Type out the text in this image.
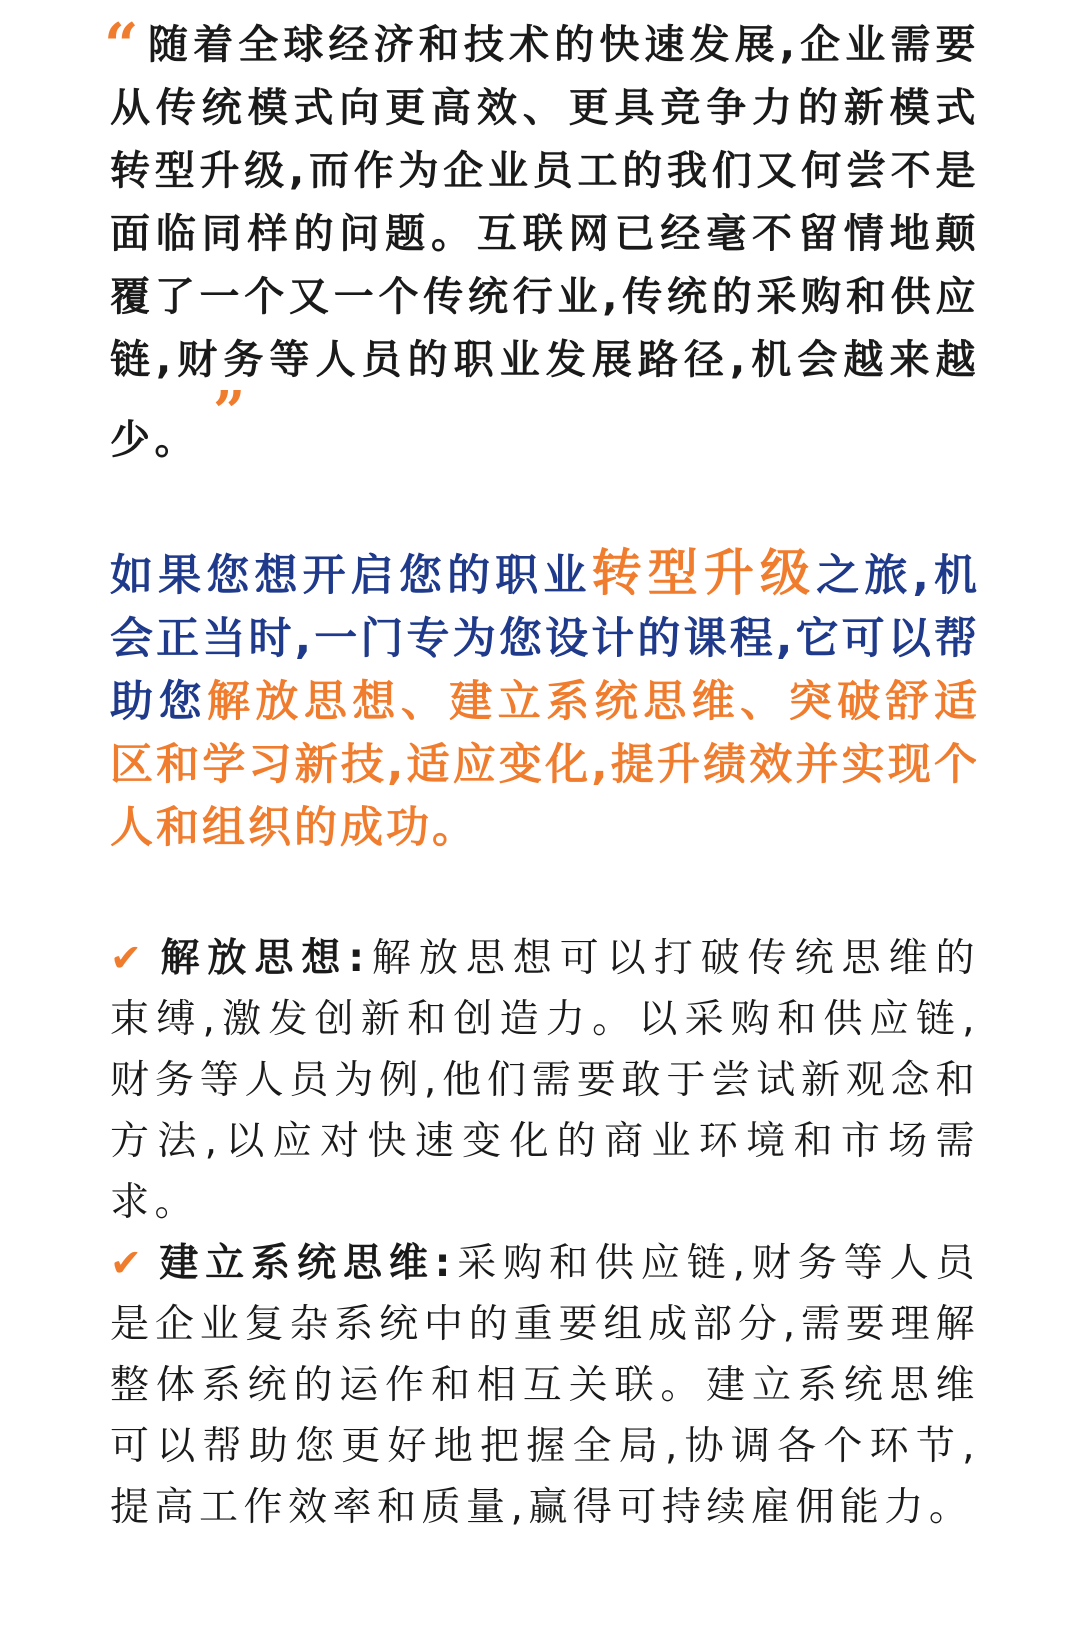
“ 随着全球经济和技术的快速发展,企业需要从传统模式向更高效、更具竞争力的新模式转型升级,而作为企业员工的我们又何尝不是面临同样的问题。互联网已经毫不留情地颠覆了一个又一个传统行业,传统的采购和供应链,财务等人员的职业发展路径,机会越来越少。 ”
如果您想开启您的职业转型升级之旅,机会正当时,一门专为您设计的课程,它可以帮助您解放思想、建立系统思维、突破舒适区和学习新技,适应变化,提升绩效并实现个人和组织的成功。
✔ 解放思想:解放思想可以打破传统思维的束缚,激发创新和创造力。以采购和供应链,财务等人员为例,他们需要敢于尝试新观念和方法,以应对快速变化的商业环境和市场需求。
✔ 建立系统思维:采购和供应链,财务等人员是企业复杂系统中的重要组成部分,需要理解整体系统的运作和相互关联。建立系统思维可以帮助您更好地把握全局,协调各个环节,提高工作效率和质量,赢得可持续雇佣能力。
